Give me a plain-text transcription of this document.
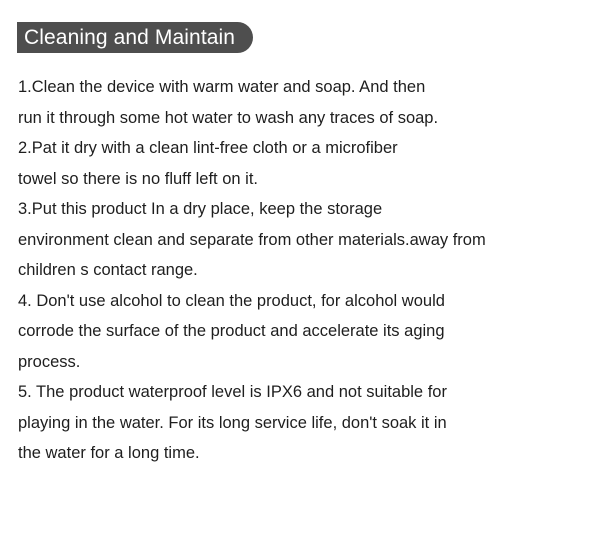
Cleaning and Maintain
1.Clean the device with warm water and soap. And then
run it through some hot water to wash any traces of soap.
2.Pat it dry with a clean lint-free cloth or a microfiber
towel so there is no fluff left on it.
3.Put this product In a dry place, keep the storage
environment clean and separate from other materials.away from
children s contact range.
4. Don't use alcohol to clean the product, for alcohol would
corrode the surface of the product and accelerate its aging
process.
5. The product waterproof level is IPX6 and not suitable for
playing in the water. For its long service life, don't soak it in
the water for a long time.
